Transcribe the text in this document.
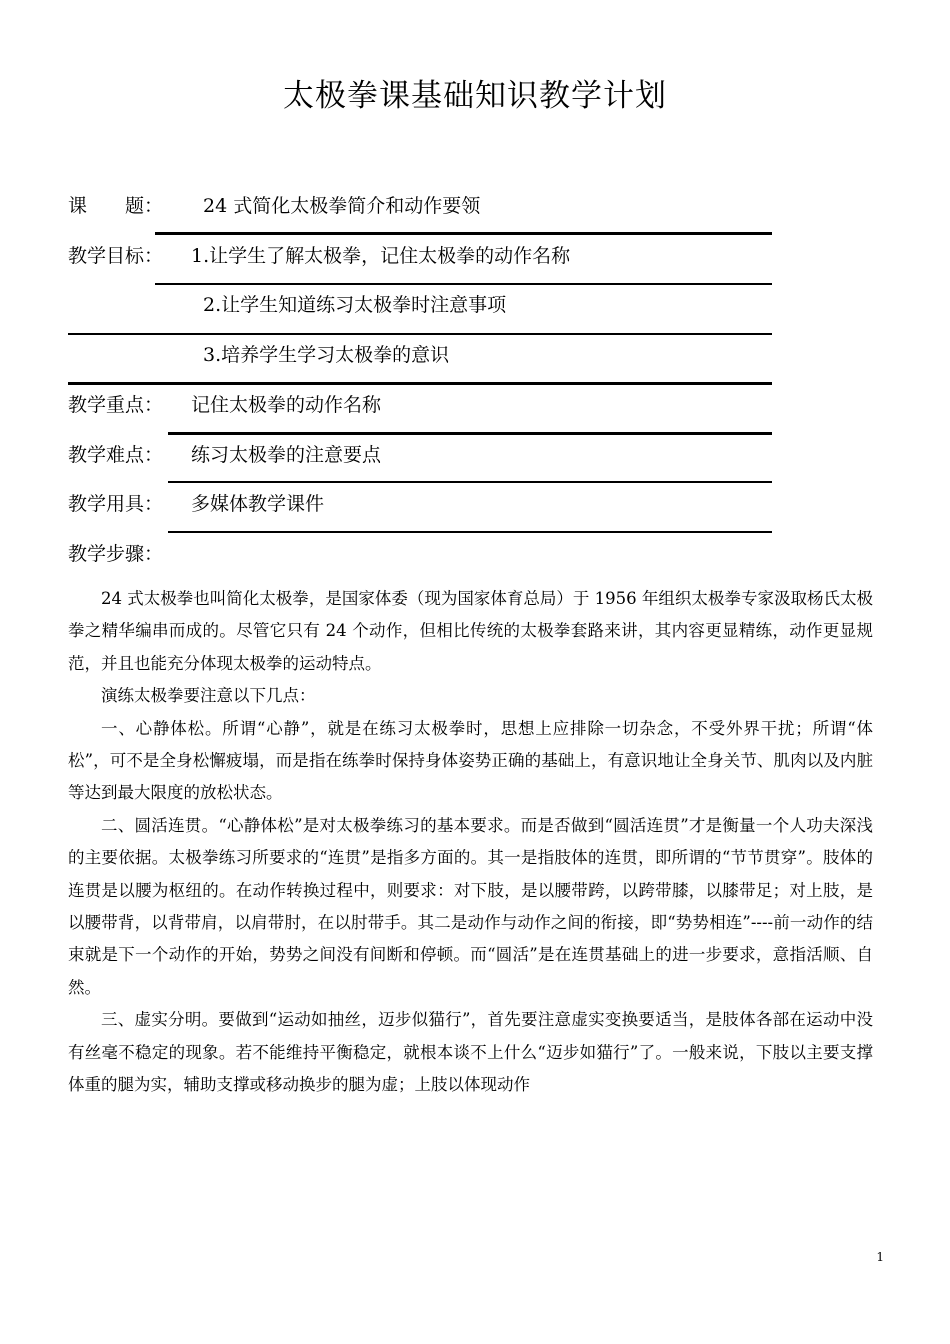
太极拳课基础知识教学计划
课　　题： 24 式简化太极拳简介和动作要领
教学目标： 1.让学生了解太极拳，记住太极拳的动作名称
2.让学生知道练习太极拳时注意事项
3.培养学生学习太极拳的意识
教学重点： 记住太极拳的动作名称
教学难点： 练习太极拳的注意要点
教学用具： 多媒体教学课件
教学步骤：

24 式太极拳也叫简化太极拳，是国家体委（现为国家体育总局）于 1956 年组织太极拳专家汲取杨氏太极拳之精华编串而成的。尽管它只有 24 个动作，但相比传统的太极拳套路来讲，其内容更显精练，动作更显规范，并且也能充分体现太极拳的运动特点。

演练太极拳要注意以下几点：

一、心静体松。所谓“心静”，就是在练习太极拳时，思想上应排除一切杂念，不受外界干扰；所谓“体松”，可不是全身松懈疲塌，而是指在练拳时保持身体姿势正确的基础上，有意识地让全身关节、肌肉以及内脏等达到最大限度的放松状态。

二、圆活连贯。“心静体松”是对太极拳练习的基本要求。而是否做到“圆活连贯”才是衡量一个人功夫深浅的主要依据。太极拳练习所要求的“连贯”是指多方面的。其一是指肢体的连贯，即所谓的“节节贯穿”。肢体的连贯是以腰为枢纽的。在动作转换过程中，则要求：对下肢，是以腰带跨，以跨带膝，以膝带足；对上肢，是以腰带背，以背带肩，以肩带肘，在以肘带手。其二是动作与动作之间的衔接，即“势势相连”----前一动作的结束就是下一个动作的开始，势势之间没有间断和停顿。而“圆活”是在连贯基础上的进一步要求，意指活顺、自然。

三、虚实分明。要做到“运动如抽丝，迈步似猫行”，首先要注意虚实变换要适当，是肢体各部在运动中没有丝毫不稳定的现象。若不能维持平衡稳定，就根本谈不上什么“迈步如猫行”了。一般来说，下肢以主要支撑体重的腿为实，辅助支撑或移动换步的腿为虚；上肢以体现动作

1
